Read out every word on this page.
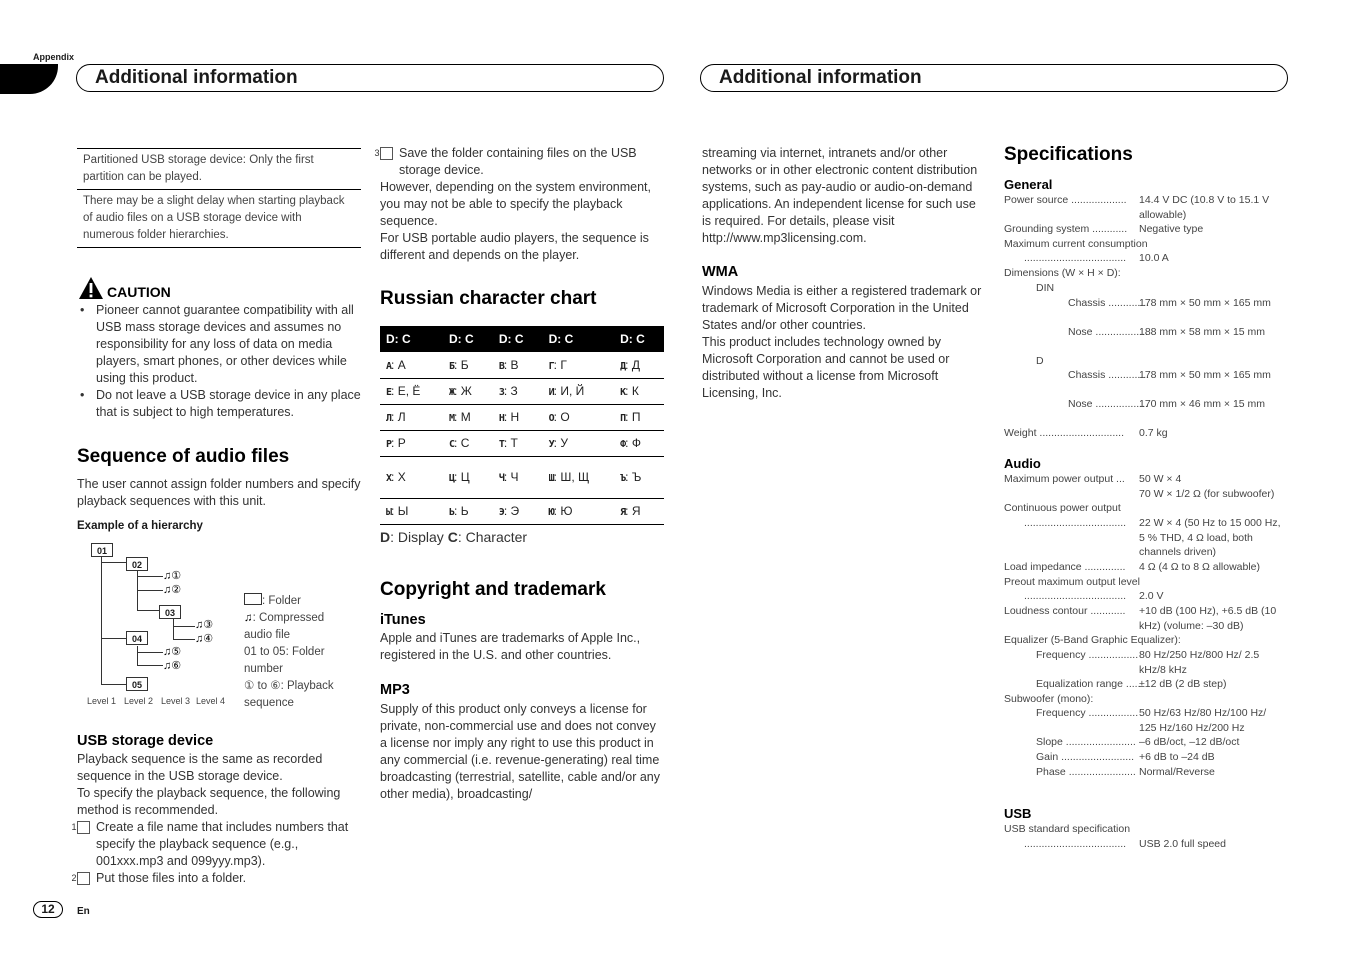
Appendix
Additional information	Additional information
Partitioned USB storage device: Only the first partition can be played.
There may be a slight delay when starting playback of audio files on a USB storage device with numerous folder hierarchies.
CAUTION
• Pioneer cannot guarantee compatibility with all USB mass storage devices and assumes no responsibility for any loss of data on media players, smart phones, or other devices while using this product.
• Do not leave a USB storage device in any place that is subject to high temperatures.
Sequence of audio files
The user cannot assign folder numbers and specify playback sequences with this unit.
Example of a hierarchy
01
02
03
04
05
♫①
♫②
♫③
♫④
♫⑤
♫⑥
Level 1 Level 2 Level 3 Level 4
: Folder
♫: Compressed audio file
01 to 05: Folder number
① to ⑥: Playback sequence
USB storage device
Playback sequence is the same as recorded sequence in the USB storage device.
To specify the playback sequence, the following method is recommended.
1 Create a file name that includes numbers that specify the playback sequence (e.g., 001xxx.mp3 and 099yyy.mp3).
2 Put those files into a folder.
3 Save the folder containing files on the USB storage device.
However, depending on the system environment, you may not be able to specify the playback sequence.
For USB portable audio players, the sequence is different and depends on the player.
Russian character chart
D: C	D: C	D: C	D: C	D: C
A: А	Б: Б	В: В	Г: Г	Д: Д
Е: Е, Ё	Ж: Ж	З: З	И: И, Й	К: К
Л: Л	М: М	Н: Н	О: О	П: П
Р: Р	С: С	Т: Т	У: У	Ф: Ф
Х: Х	Ц: Ц	Ч: Ч	Ш: Ш, Щ	Ъ: Ъ
Ы: Ы	Ь: Ь	Э: Э	Ю: Ю	Я: Я
D: Display C: Character
Copyright and trademark
iTunes
Apple and iTunes are trademarks of Apple Inc., registered in the U.S. and other countries.
MP3
Supply of this product only conveys a license for private, non-commercial use and does not convey a license nor imply any right to use this product in any commercial (i.e. revenue-generating) real time broadcasting (terrestrial, satellite, cable and/or any other media), broadcasting/
streaming via internet, intranets and/or other networks or in other electronic content distribution systems, such as pay-audio or audio-on-demand applications. An independent license for such use is required. For details, please visit http://www.mp3licensing.com.
WMA
Windows Media is either a registered trademark or trademark of Microsoft Corporation in the United States and/or other countries.
This product includes technology owned by Microsoft Corporation and cannot be used or distributed without a license from Microsoft Licensing, Inc.
Specifications
General
Power source ................... 14.4 V DC (10.8 V to 15.1 V allowable)
Grounding system ............ Negative type
Maximum current consumption
................................... 10.0 A
Dimensions (W × H × D):
DIN
Chassis ..............
178 mm × 50 mm × 165 mm
Nose ..................
188 mm × 58 mm × 15 mm
D
Chassis ..............
178 mm × 50 mm × 165 mm
Nose ..................
170 mm × 46 mm × 15 mm
Weight ............................. 0.7 kg
Audio
Maximum power output ... 50 W × 4
70 W × 1/2 Ω (for subwoofer)
Continuous power output
................................... 22 W × 4 (50 Hz to 15 000 Hz, 5 % THD, 4 Ω load, both channels driven)
Load impedance .............. 4 Ω (4 Ω to 8 Ω allowable)
Preout maximum output level
................................... 2.0 V
Loudness contour ............ +10 dB (100 Hz), +6.5 dB (10 kHz) (volume: –30 dB)
Equalizer (5-Band Graphic Equalizer):
Frequency ................. 80 Hz/250 Hz/800 Hz/ 2.5 kHz/8 kHz
Equalization range .....
±12 dB (2 dB step)
Subwoofer (mono):
Frequency ................. 50 Hz/63 Hz/80 Hz/100 Hz/ 125 Hz/160 Hz/200 Hz
Slope ........................ –6 dB/oct, –12 dB/oct
Gain ......................... +6 dB to –24 dB
Phase ....................... Normal/Reverse
USB
USB standard specification
................................... USB 2.0 full speed
12	En
